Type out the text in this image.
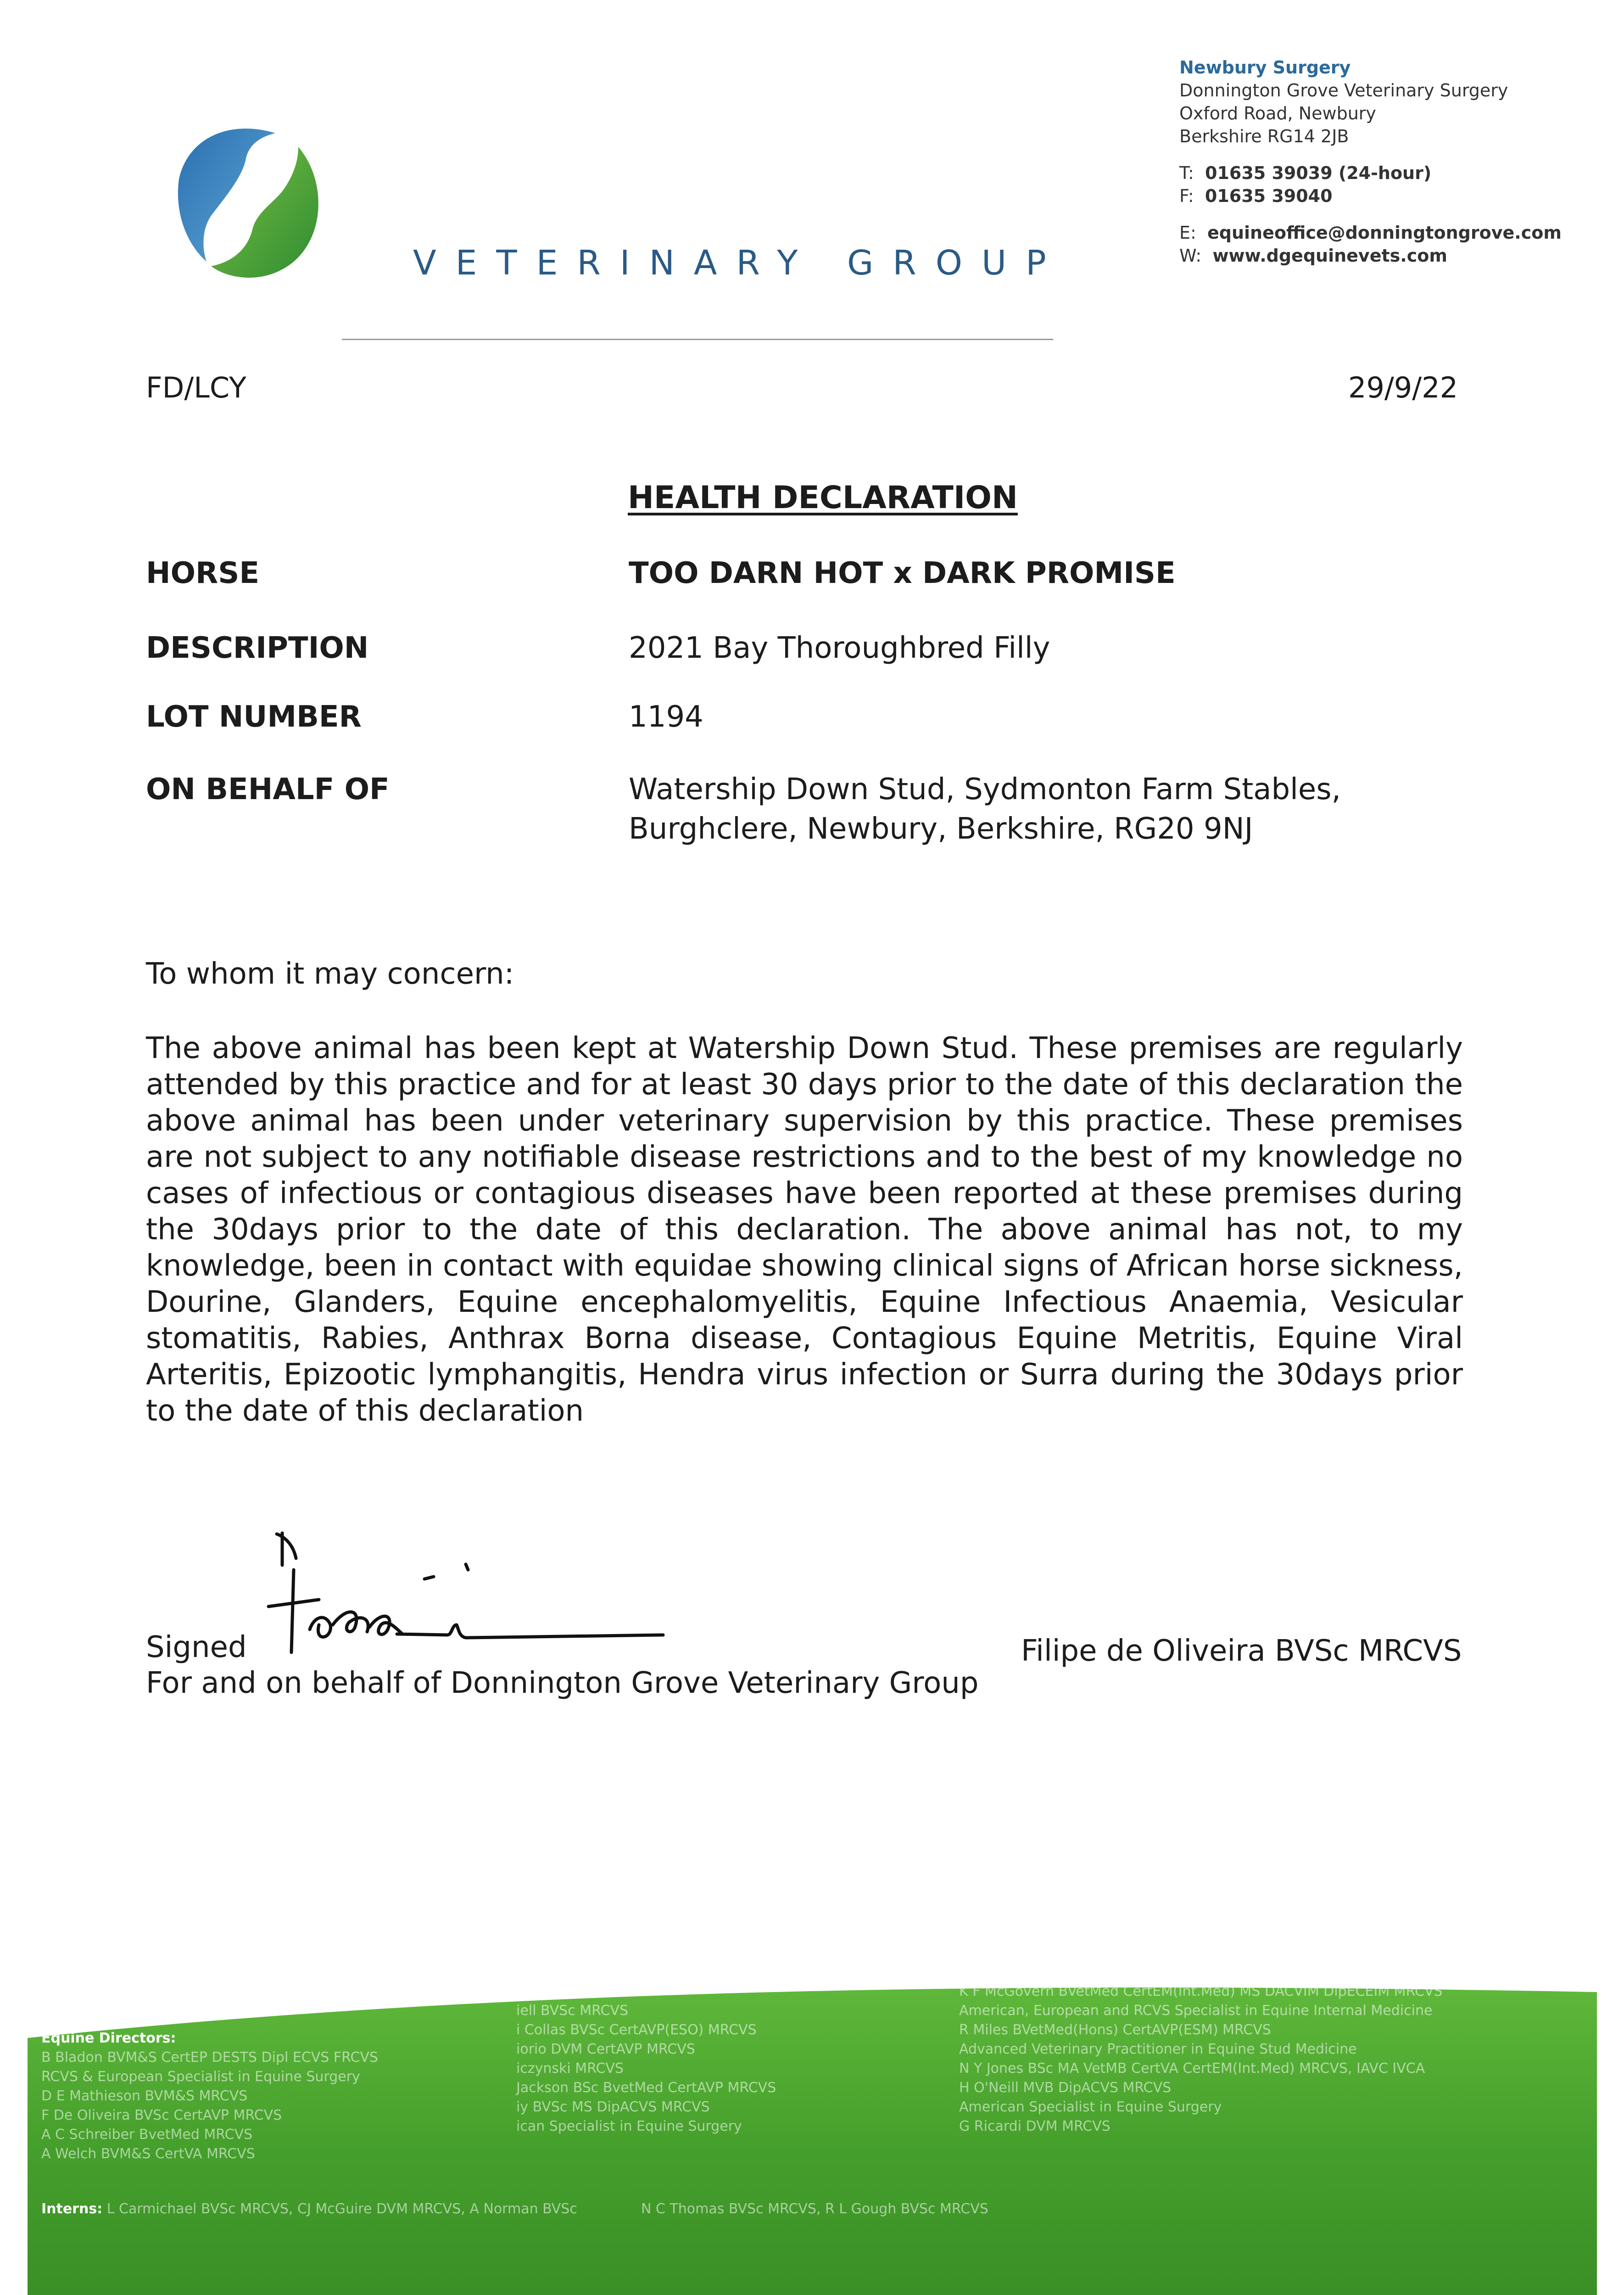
VETERINARY GROUP
Newbury Surgery
Donnington Grove Veterinary Surgery
Oxford Road, Newbury
Berkshire RG14 2JB
T: 01635 39039 (24-hour)
F: 01635 39040
E: equineoffice@donningtongrove.com
W: www.dgequinevets.com
FD/LCY	29/9/22
HEALTH DECLARATION
HORSE	TOO DARN HOT x DARK PROMISE
DESCRIPTION	2021 Bay Thoroughbred Filly
LOT NUMBER	1194
ON BEHALF OF	Watership Down Stud, Sydmonton Farm Stables,
Burghclere, Newbury, Berkshire, RG20 9NJ
To whom it may concern:
The above animal has been kept at Watership Down Stud. These premises are regularly attended by this practice and for at least 30 days prior to the date of this declaration the above animal has been under veterinary supervision by this practice. These premises are not subject to any notifiable disease restrictions and to the best of my knowledge no cases of infectious or contagious diseases have been reported at these premises during the 30days prior to the date of this declaration. The above animal has not, to my knowledge, been in contact with equidae showing clinical signs of African horse sickness, Dourine, Glanders, Equine encephalomyelitis, Equine Infectious Anaemia, Vesicular stomatitis, Rabies, Anthrax Borna disease, Contagious Equine Metritis, Equine Viral Arteritis, Epizootic lymphangitis, Hendra virus infection or Surra during the 30days prior to the date of this declaration
Signed
For and on behalf of Donnington Grove Veterinary Group
Filipe de Oliveira BVSc MRCVS
Equine Directors:
B Bladon BVM&S CertEP DESTS Dipl ECVS FRCVS
RCVS & European Specialist in Equine Surgery
D E Mathieson BVM&S MRCVS
F De Oliveira BVSc CertAVP MRCVS
A C Schreiber BvetMed MRCVS
A Welch BVM&S CertVA MRCVS
:iates:
iell BVSc MRCVS
i Collas BVSc CertAVP(ESO) MRCVS
iorio DVM CertAVP MRCVS
iczynski MRCVS
Jackson BSc BvetMed CertAVP MRCVS
iy BVSc MS DipACVS MRCVS
ican Specialist in Equine Surgery
K F McGovern BVetMed CertEM(Int.Med) MS DACVIM DipECEIM MRCVS
American, European and RCVS Specialist in Equine Internal Medicine
R Miles BVetMed(Hons) CertAVP(ESM) MRCVS
Advanced Veterinary Practitioner in Equine Stud Medicine
N Y Jones BSc MA VetMB CertVA CertEM(Int.Med) MRCVS, IAVC IVCA
H O'Neill MVB DipACVS MRCVS
American Specialist in Equine Surgery
G Ricardi DVM MRCVS
Interns: L Carmichael BVSc MRCVS, CJ McGuire DVM MRCVS, A Norman BVSc	N C Thomas BVSc MRCVS, R L Gough BVSc MRCVS
